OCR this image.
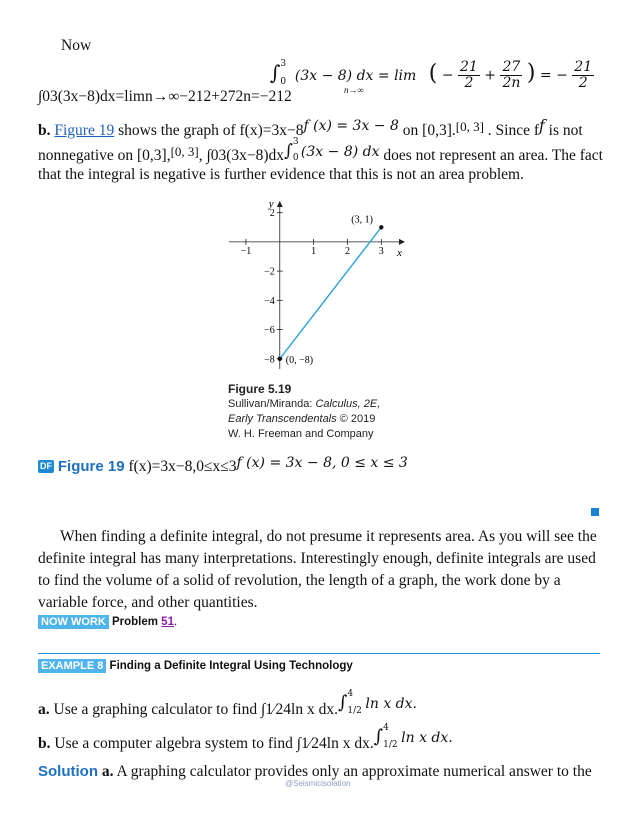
Now
∫ 3
0 (3x − 8) dx = lim ( − $\frac{21}{2} + \frac{27}{2n}$ ) = − $\frac{21}{2}$
n→∞
∫03(3x−8)dx=limn→∞−212+272n=−212
b. Figure 19 shows the graph of f(x)=3x−8f (x) = 3x − 8 on [0,3].[0, 3] . Since ff is not
nonnegative on [0,3],[0, 3], ∫03(3x−8)dx∫ 3
0 (3x − 8) dx does not represent an area. The fact
that the integral is negative is further evidence that this is not an area problem.
x
y
−1	1	2	3
2
−2
−4
−6
−8
(3, 1)
(0, −8)
Figure 5.19
Sullivan/Miranda: Calculus, 2E,
Early Transcendentals © 2019
W. H. Freeman and Company
DF Figure 19 f(x)=3x−8,0≤x≤3f (x) = 3x − 8, 0 ≤ x ≤ 3
When finding a definite integral, do not presume it represents area. As you will see the definite integral has many interpretations. Interestingly enough, definite integrals are used to find the volume of a solid of revolution, the length of a graph, the work done by a variable force, and other quantities.
NOW WORK Problem 51.
EXAMPLE 8 Finding a Definite Integral Using Technology
a. Use a graphing calculator to find ∫1⁄24ln x dx.∫ 4
1/2 ln x dx.
b. Use a computer algebra system to find ∫1⁄24ln x dx.∫ 4
1/2 ln x dx.
Solution a. A graphing calculator provides only an approximate numerical answer to the
@Seismicisolation
